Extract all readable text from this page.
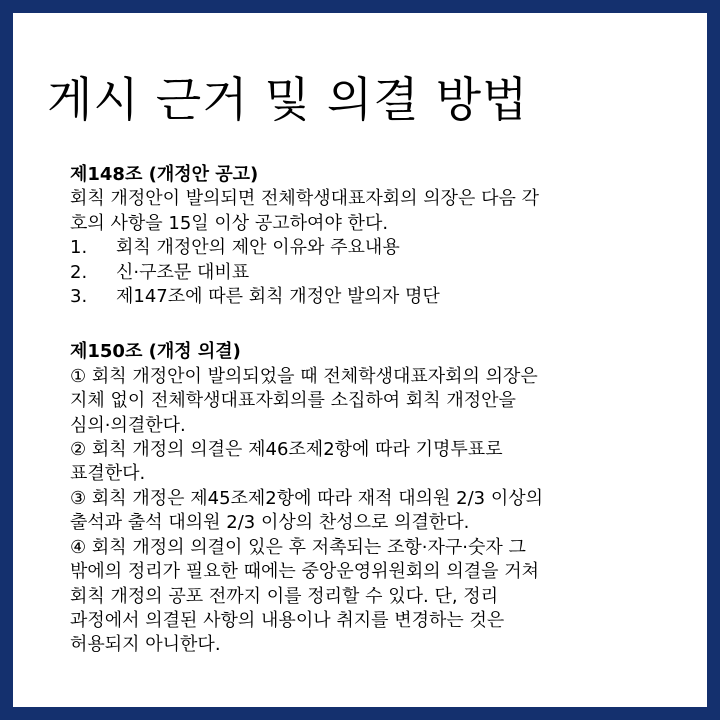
게시 근거 및 의결 방법
제148조 (개정안 공고)
회칙 개정안이 발의되면 전체학생대표자회의 의장은 다음 각
호의 사항을 15일 이상 공고하여야 한다.
1. 회칙 개정안의 제안 이유와 주요내용
2. 신·구조문 대비표
3. 제147조에 따른 회칙 개정안 발의자 명단
제150조 (개정 의결)
① 회칙 개정안이 발의되었을 때 전체학생대표자회의 의장은
지체 없이 전체학생대표자회의를 소집하여 회칙 개정안을
심의·의결한다.
② 회칙 개정의 의결은 제46조제2항에 따라 기명투표로
표결한다.
③ 회칙 개정은 제45조제2항에 따라 재적 대의원 2/3 이상의
출석과 출석 대의원 2/3 이상의 찬성으로 의결한다.
④ 회칙 개정의 의결이 있은 후 저촉되는 조항·자구·숫자 그
밖에의 정리가 필요한 때에는 중앙운영위원회의 의결을 거쳐
회칙 개정의 공포 전까지 이를 정리할 수 있다. 단, 정리
과정에서 의결된 사항의 내용이나 취지를 변경하는 것은
허용되지 아니한다.
